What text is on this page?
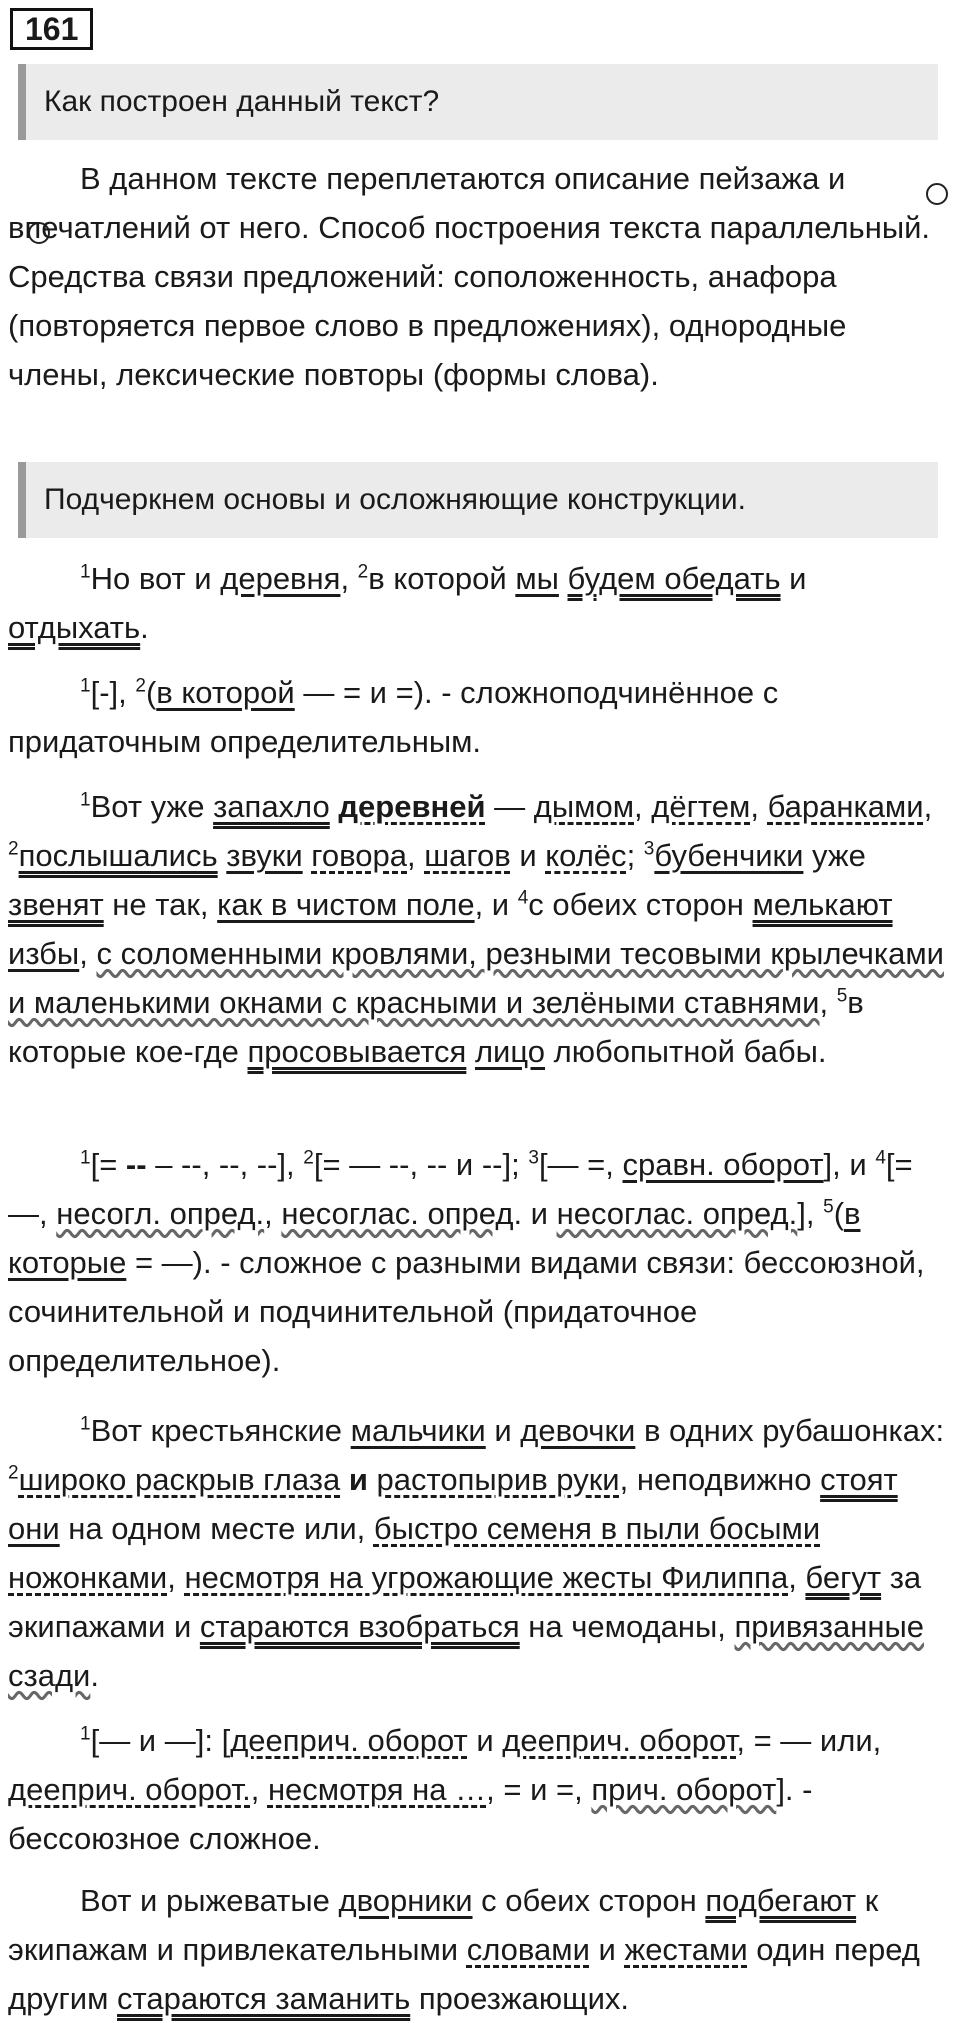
161
Как построен данный текст?
В данном тексте переплетаются описание пейзажа и впечатлений от него. Способ построения текста параллельный. Средства связи предложений: соположенность, анафора (повторяется первое слово в предложениях), однородные члены, лексические повторы (формы слова).
Подчеркнем основы и осложняющие конструкции.
$^1$Но вот и деревня, $^2$в которой мы будем обедать и отдыхать.
$^1$[-], $^2$(в которой — = и =). - сложноподчинённое с придаточным определительным.
$^1$Вот уже запахло деревней — дымом, дёгтем, баранками, $^2$послышались звуки говора, шагов и колёс; $^3$бубенчики уже звенят не так, как в чистом поле, и $^4$с обеих сторон мелькают избы, с соломенными кровлями, резными тесовыми крылечками и маленькими окнами с красными и зелёными ставнями, $^5$в которые кое-где просовывается лицо любопытной бабы.
$^1$[= -- – --, --, --], $^2$[= — --, -- и --]; $^3$[— =, сравн. оборот], и $^4$[= —, несогл. опред., несоглас. опред. и несоглас. опред.], $^5$(в которые = —). - сложное с разными видами связи: бессоюзной, сочинительной и подчинительной (придаточное определительное).
$^1$Вот крестьянские мальчики и девочки в одних рубашонках: $^2$широко раскрыв глаза и растопырив руки, неподвижно стоят они на одном месте или, быстро семеня в пыли босыми ножонками, несмотря на угрожающие жесты Филиппа, бегут за экипажами и стараются взобраться на чемоданы, привязанные сзади.
$^1$[— и —]: [дееприч. оборот и дееприч. оборот, = — или, дееприч. оборот., несмотря на …, = и =, прич. оборот]. - бессоюзное сложное.
Вот и рыжеватые дворники с обеих сторон подбегают к экипажам и привлекательными словами и жестами один перед другим стараются заманить проезжающих.
